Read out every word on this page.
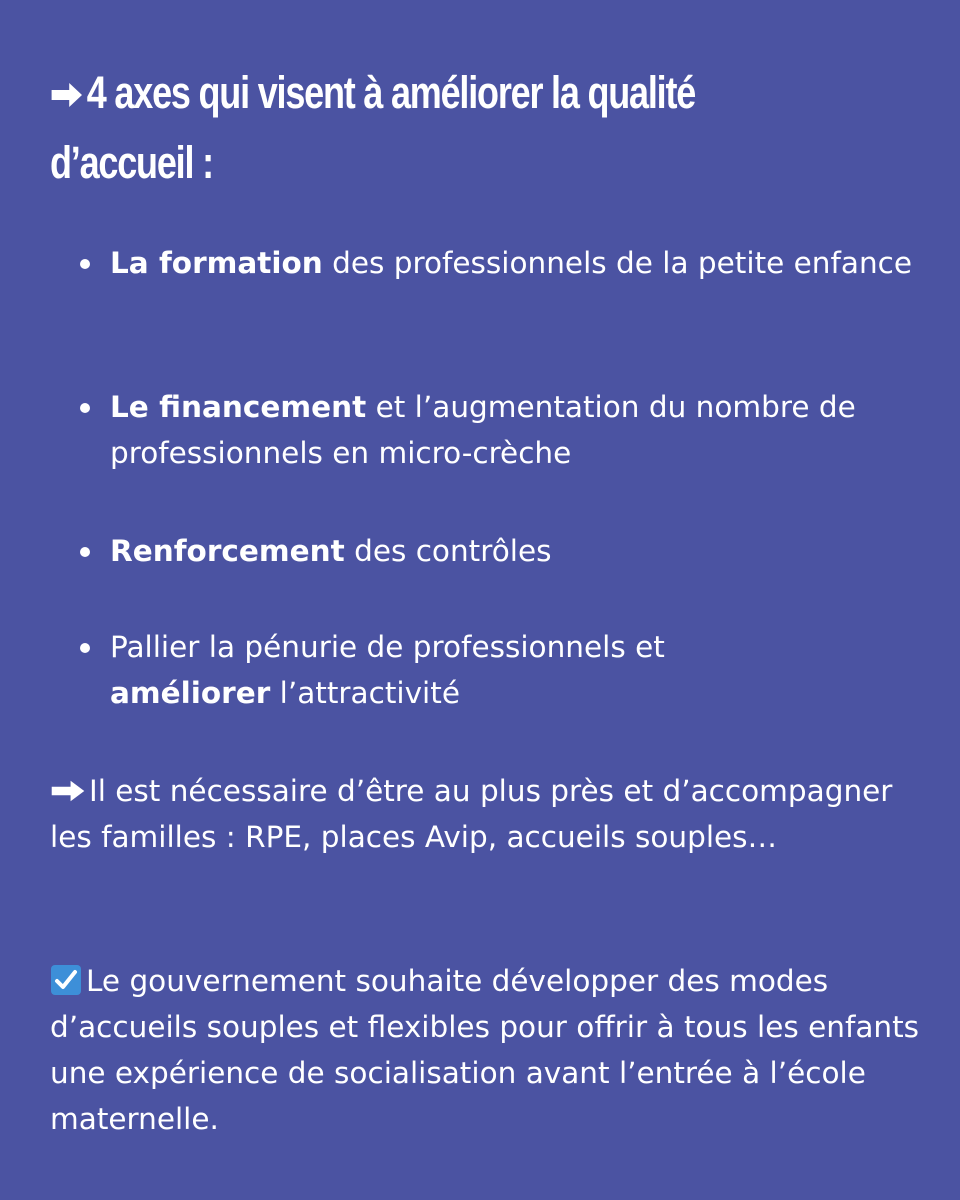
4 axes qui visent à améliorer la qualité
d’accueil :
La formation des professionnels de la petite enfance
Le financement et l’augmentation du nombre de professionnels en micro-crèche
Renforcement des contrôles
Pallier la pénurie de professionnels et
améliorer l’attractivité

Il est nécessaire d’être au plus près et d’accompagner les familles : RPE, places Avip, accueils souples…

Le gouvernement souhaite développer des modes d’accueils souples et flexibles pour offrir à tous les enfants une expérience de socialisation avant l’entrée à l’école maternelle.
